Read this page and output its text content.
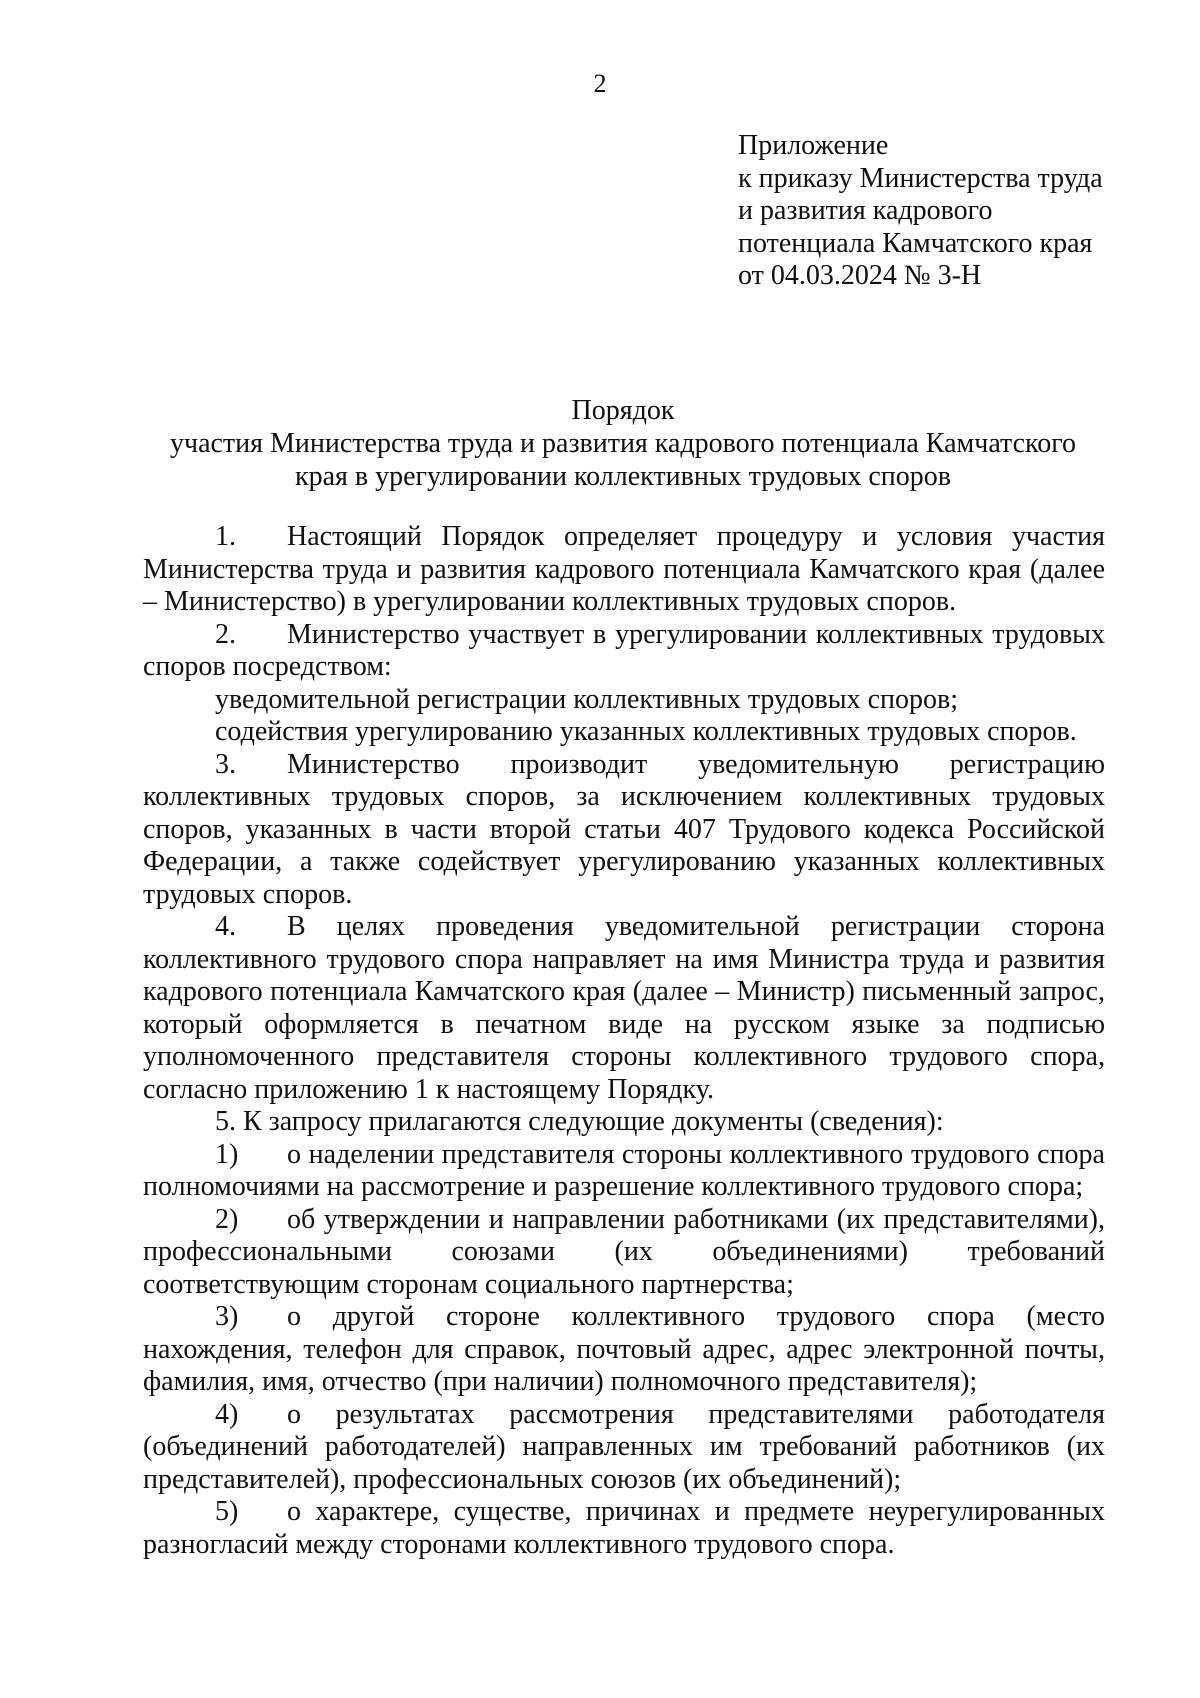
2
Приложение
к приказу Министерства труда
и развития кадрового
потенциала Камчатского края
от 04.03.2024 № 3-Н
Порядок
участия Министерства труда и развития кадрового потенциала Камчатского
края в урегулировании коллективных трудовых споров

1. Настоящий Порядок определяет процедуру и условия участия Министерства труда и развития кадрового потенциала Камчатского края (далее – Министерство) в урегулировании коллективных трудовых споров.

2. Министерство участвует в урегулировании коллективных трудовых споров посредством:

уведомительной регистрации коллективных трудовых споров;

содействия урегулированию указанных коллективных трудовых споров.

3. Министерство производит уведомительную регистрацию коллективных трудовых споров, за исключением коллективных трудовых споров, указанных в части второй статьи 407 Трудового кодекса Российской Федерации, а также содействует урегулированию указанных коллективных трудовых споров.

4. В целях проведения уведомительной регистрации сторона коллективного трудового спора направляет на имя Министра труда и развития кадрового потенциала Камчатского края (далее – Министр) письменный запрос, который оформляется в печатном виде на русском языке за подписью уполномоченного представителя стороны коллективного трудового спора, согласно приложению 1 к настоящему Порядку.

5. К запросу прилагаются следующие документы (сведения):

1) о наделении представителя стороны коллективного трудового спора полномочиями на рассмотрение и разрешение коллективного трудового спора;

2) об утверждении и направлении работниками (их представителями), профессиональными союзами (их объединениями) требований соответствующим сторонам социального партнерства;

3) о другой стороне коллективного трудового спора (место нахождения, телефон для справок, почтовый адрес, адрес электронной почты, фамилия, имя, отчество (при наличии) полномочного представителя);

4) о результатах рассмотрения представителями работодателя (объединений работодателей) направленных им требований работников (их представителей), профессиональных союзов (их объединений);

5) о характере, существе, причинах и предмете неурегулированных разногласий между сторонами коллективного трудового спора.
